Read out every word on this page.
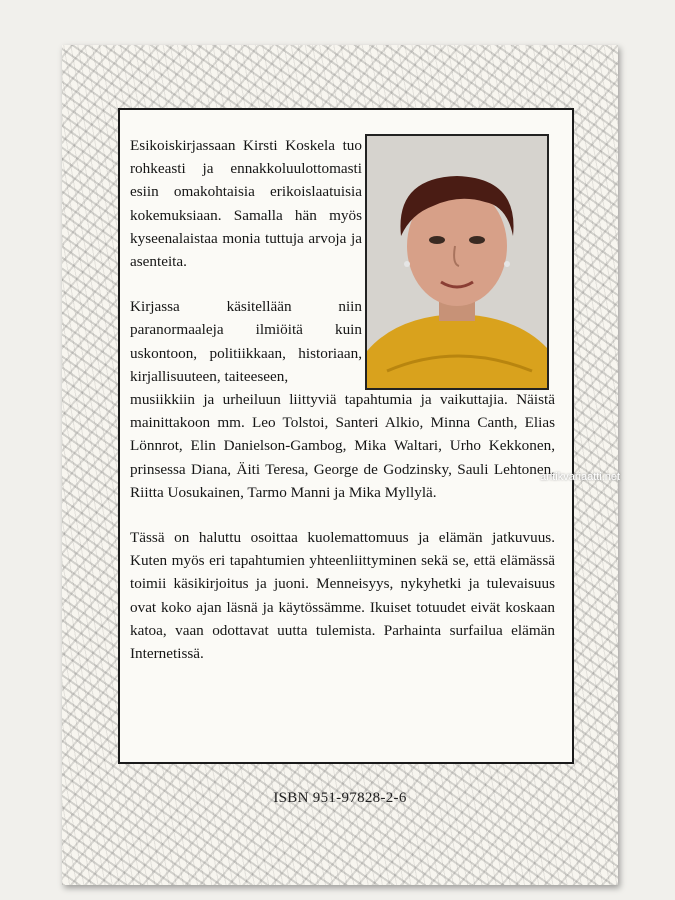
Esikoiskirjassaan Kirsti Koskela tuo rohkeasti ja ennakkoluulottomasti esiin omakohtaisia erikoislaatuisia kokemuksiaan. Samalla hän myös kyseenalaistaa monia tuttuja arvoja ja asenteita.

Kirjassa käsitellään niin paranormaaleja ilmiöitä kuin uskontoon, politiikkaan, historiaan, kirjallisuuteen, taiteeseen,

musiikkiin ja urheiluun liittyviä tapahtumia ja vaikuttajia. Näistä mainittakoon mm. Leo Tolstoi, Santeri Alkio, Minna Canth, Elias Lönnrot, Elin Danielson-Gambog, Mika Waltari, Urho Kekkonen, prinsessa Diana, Äiti Teresa, George de Godzinsky, Sauli Lehtonen, Riitta Uosukainen, Tarmo Manni ja Mika Myllylä.

Tässä on haluttu osoittaa kuolemattomuus ja elämän jatkuvuus. Kuten myös eri tapahtumien yhteenliittyminen sekä se, että elämässä toimii käsikirjoitus ja juoni. Menneisyys, nykyhetki ja tulevaisuus ovat koko ajan läsnä ja käytössämme. Ikuiset totuudet eivät koskaan katoa, vaan odottavat uutta tulemista. Parhainta surfailua elämän Internetissä.

ISBN 951-97828-2-6
antikvariaatti.net
